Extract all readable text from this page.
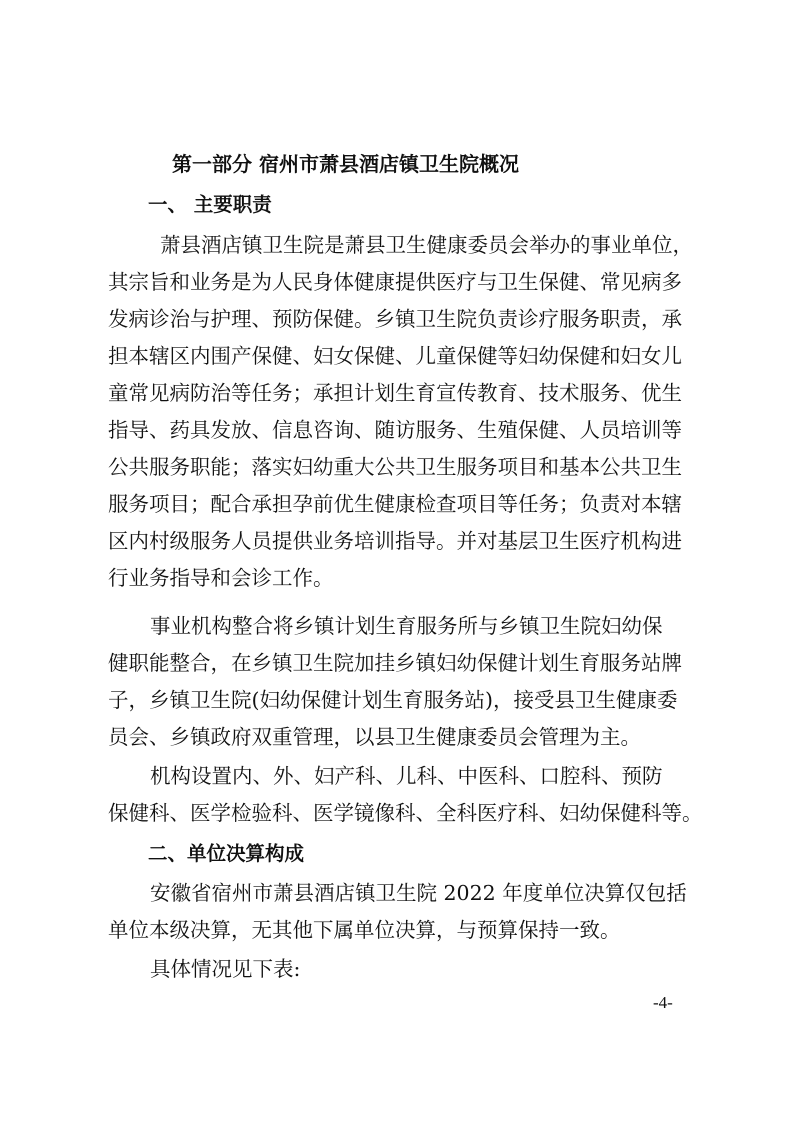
第一部分 宿州市萧县酒店镇卫生院概况
一、 主要职责
萧县酒店镇卫生院是萧县卫生健康委员会举办的事业单位，
其宗旨和业务是为人民身体健康提供医疗与卫生保健、常见病多
发病诊治与护理、预防保健。乡镇卫生院负责诊疗服务职责，承
担本辖区内围产保健、妇女保健、儿童保健等妇幼保健和妇女儿
童常见病防治等任务；承担计划生育宣传教育、技术服务、优生
指导、药具发放、信息咨询、随访服务、生殖保健、人员培训等
公共服务职能；落实妇幼重大公共卫生服务项目和基本公共卫生
服务项目；配合承担孕前优生健康检查项目等任务；负责对本辖
区内村级服务人员提供业务培训指导。并对基层卫生医疗机构进
行业务指导和会诊工作。
事业机构整合将乡镇计划生育服务所与乡镇卫生院妇幼保
健职能整合，在乡镇卫生院加挂乡镇妇幼保健计划生育服务站牌
子，乡镇卫生院(妇幼保健计划生育服务站)，接受县卫生健康委
员会、乡镇政府双重管理，以县卫生健康委员会管理为主。
机构设置内、外、妇产科、儿科、中医科、口腔科、预防
保健科、医学检验科、医学镜像科、全科医疗科、妇幼保健科等。
二、单位决算构成
安徽省宿州市萧县酒店镇卫生院 2022 年度单位决算仅包括
单位本级决算，无其他下属单位决算，与预算保持一致。
具体情况见下表:
-4-
